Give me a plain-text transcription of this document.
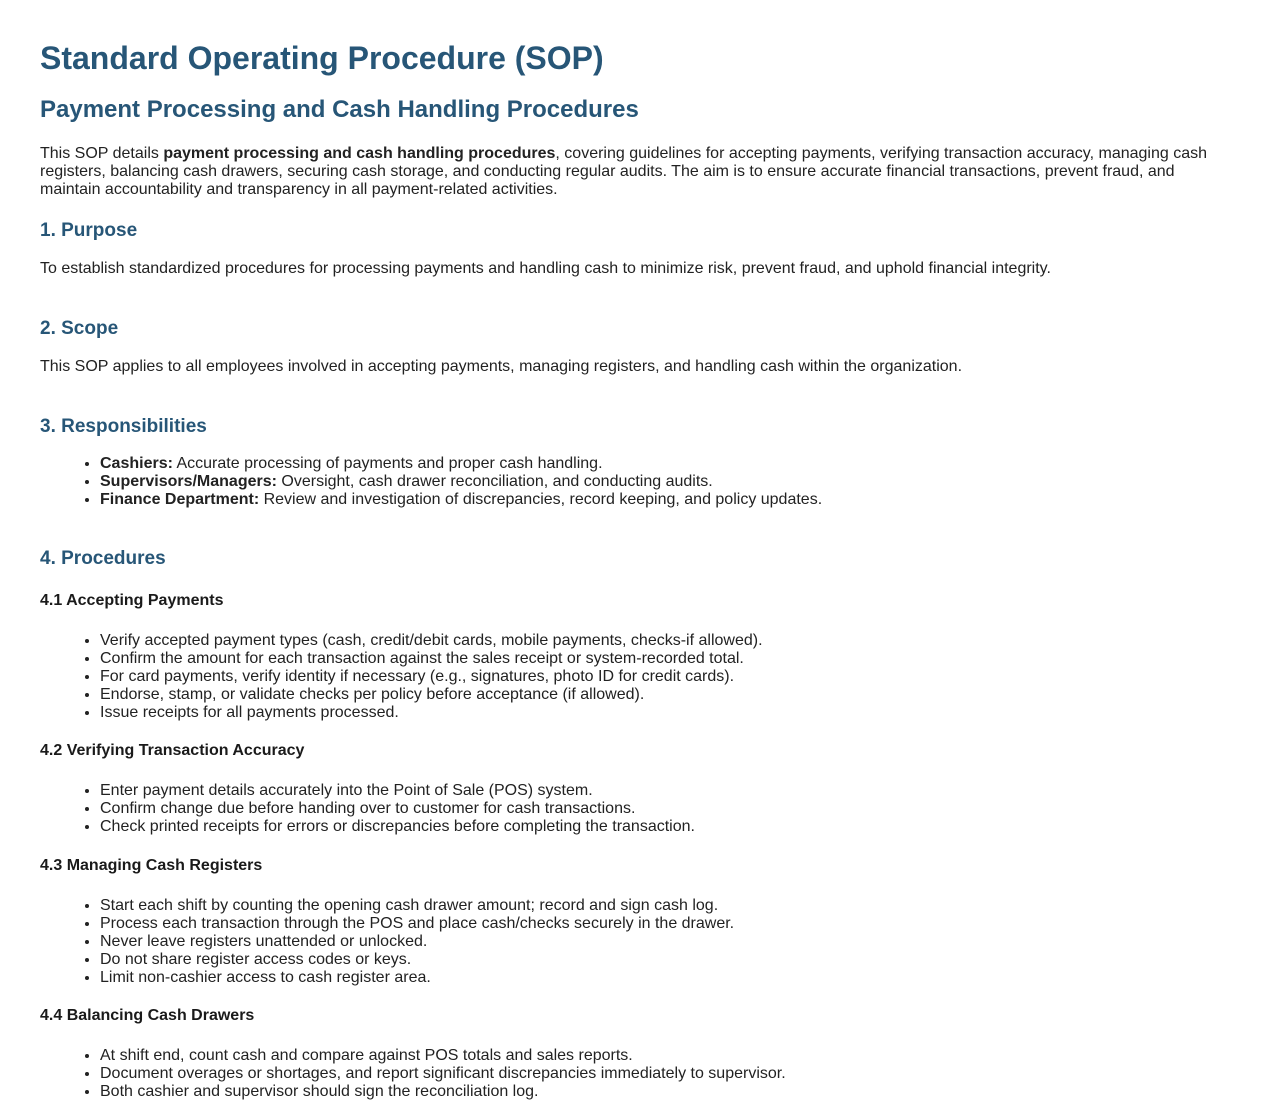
Standard Operating Procedure (SOP)
Payment Processing and Cash Handling Procedures

This SOP details payment processing and cash handling procedures, covering guidelines for accepting payments, verifying transaction accuracy, managing cash registers, balancing cash drawers, securing cash storage, and conducting regular audits. The aim is to ensure accurate financial transactions, prevent fraud, and maintain accountability and transparency in all payment-related activities.

1. Purpose

To establish standardized procedures for processing payments and handling cash to minimize risk, prevent fraud, and uphold financial integrity.

2. Scope

This SOP applies to all employees involved in accepting payments, managing registers, and handling cash within the organization.

3. Responsibilities
• Cashiers: Accurate processing of payments and proper cash handling.
• Supervisors/Managers: Oversight, cash drawer reconciliation, and conducting audits.
• Finance Department: Review and investigation of discrepancies, record keeping, and policy updates.
4. Procedures
4.1 Accepting Payments
• Verify accepted payment types (cash, credit/debit cards, mobile payments, checks-if allowed).
• Confirm the amount for each transaction against the sales receipt or system-recorded total.
• For card payments, verify identity if necessary (e.g., signatures, photo ID for credit cards).
• Endorse, stamp, or validate checks per policy before acceptance (if allowed).
• Issue receipts for all payments processed.
4.2 Verifying Transaction Accuracy
• Enter payment details accurately into the Point of Sale (POS) system.
• Confirm change due before handing over to customer for cash transactions.
• Check printed receipts for errors or discrepancies before completing the transaction.
4.3 Managing Cash Registers
• Start each shift by counting the opening cash drawer amount; record and sign cash log.
• Process each transaction through the POS and place cash/checks securely in the drawer.
• Never leave registers unattended or unlocked.
• Do not share register access codes or keys.
• Limit non-cashier access to cash register area.
4.4 Balancing Cash Drawers
• At shift end, count cash and compare against POS totals and sales reports.
• Document overages or shortages, and report significant discrepancies immediately to supervisor.
• Both cashier and supervisor should sign the reconciliation log.
